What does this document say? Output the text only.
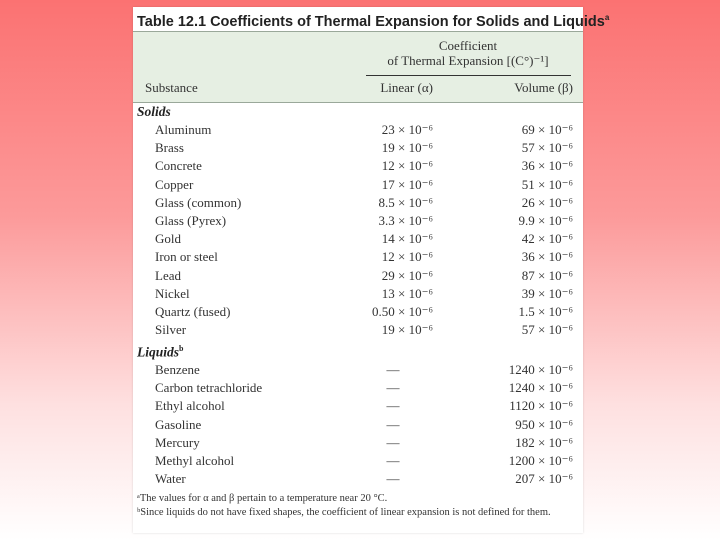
Table 12.1 Coefficients of Thermal Expansion for Solids and Liquids$^a$
Coefficient
of Thermal Expansion [(C°)⁻¹]
Substance	Linear (α)	Volume (β)
Solids
Aluminum	23 × 10⁻⁶	69 × 10⁻⁶
Brass	19 × 10⁻⁶	57 × 10⁻⁶
Concrete	12 × 10⁻⁶	36 × 10⁻⁶
Copper	17 × 10⁻⁶	51 × 10⁻⁶
Glass (common)	8.5 × 10⁻⁶	26 × 10⁻⁶
Glass (Pyrex)	3.3 × 10⁻⁶	9.9 × 10⁻⁶
Gold	14 × 10⁻⁶	42 × 10⁻⁶
Iron or steel	12 × 10⁻⁶	36 × 10⁻⁶
Lead	29 × 10⁻⁶	87 × 10⁻⁶
Nickel	13 × 10⁻⁶	39 × 10⁻⁶
Quartz (fused)	0.50 × 10⁻⁶	1.5 × 10⁻⁶
Silver	19 × 10⁻⁶	57 × 10⁻⁶
Liquids$^b$
Benzene	—	1240 × 10⁻⁶
Carbon tetrachloride	—	1240 × 10⁻⁶
Ethyl alcohol	—	1120 × 10⁻⁶
Gasoline	—	950 × 10⁻⁶
Mercury	—	182 × 10⁻⁶
Methyl alcohol	—	1200 × 10⁻⁶
Water	—	207 × 10⁻⁶
ᵃThe values for α and β pertain to a temperature near 20 °C.
ᵇSince liquids do not have fixed shapes, the coefficient of linear expansion is not defined for them.
